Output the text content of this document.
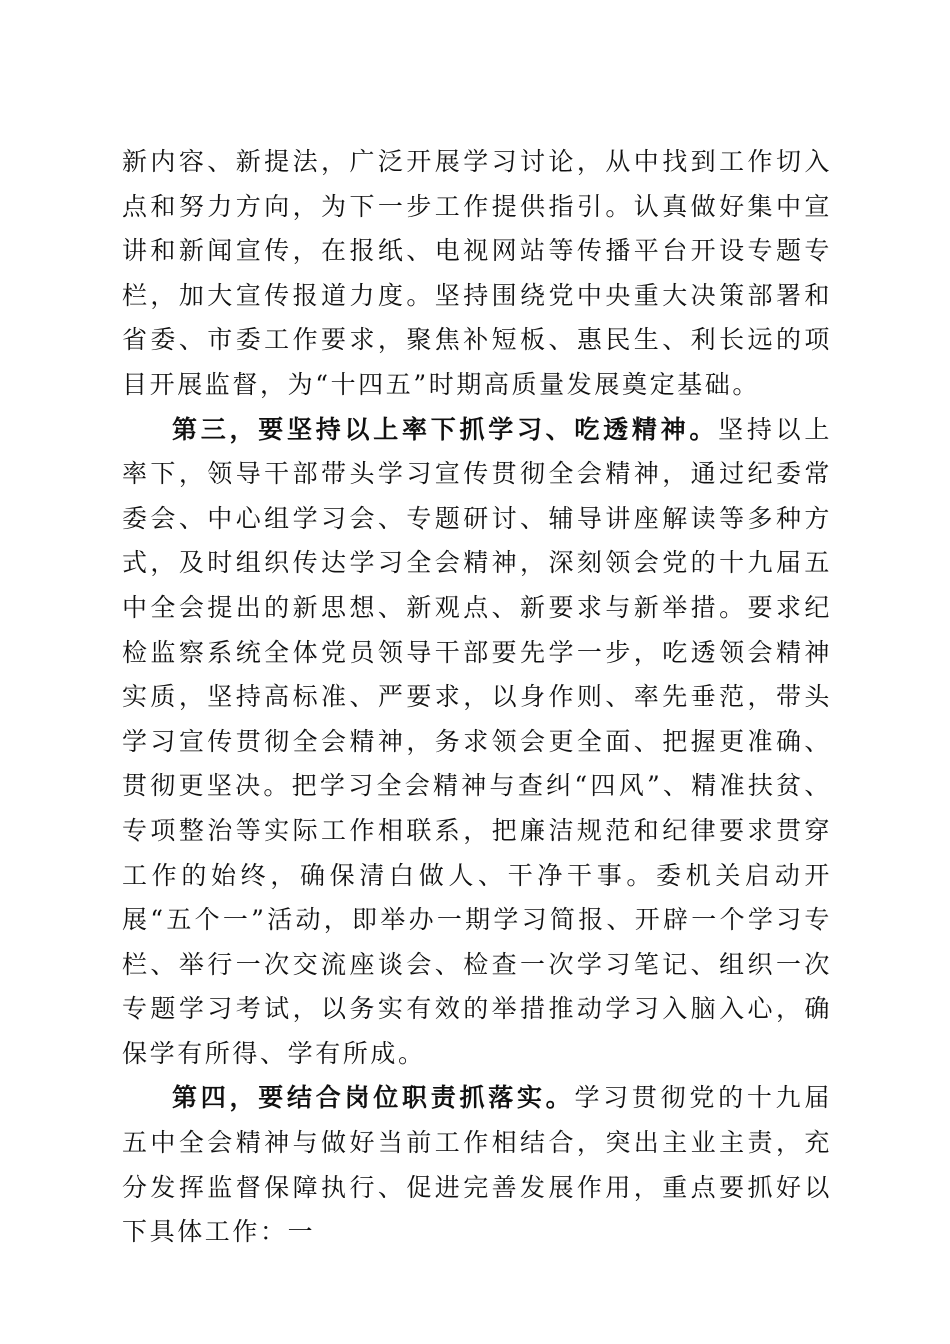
新内容、新提法，广泛开展学习讨论，从中找到工作切入点和努力方向，为下一步工作提供指引。认真做好集中宣讲和新闻宣传，在报纸、电视网站等传播平台开设专题专栏，加大宣传报道力度。坚持围绕党中央重大决策部署和省委、市委工作要求，聚焦补短板、惠民生、利长远的项目开展监督，为“十四五”时期高质量发展奠定基础。

第三，要坚持以上率下抓学习、吃透精神。坚持以上率下，领导干部带头学习宣传贯彻全会精神，通过纪委常委会、中心组学习会、专题研讨、辅导讲座解读等多种方式，及时组织传达学习全会精神，深刻领会党的十九届五中全会提出的新思想、新观点、新要求与新举措。要求纪检监察系统全体党员领导干部要先学一步，吃透领会精神实质，坚持高标准、严要求，以身作则、率先垂范，带头学习宣传贯彻全会精神，务求领会更全面、把握更准确、贯彻更坚决。把学习全会精神与查纠“四风”、精准扶贫、专项整治等实际工作相联系，把廉洁规范和纪律要求贯穿工作的始终，确保清白做人、干净干事。委机关启动开展“五个一”活动，即举办一期学习简报、开辟一个学习专栏、举行一次交流座谈会、检查一次学习笔记、组织一次专题学习考试，以务实有效的举措推动学习入脑入心，确保学有所得、学有所成。

第四，要结合岗位职责抓落实。学习贯彻党的十九届五中全会精神与做好当前工作相结合，突出主业主责，充分发挥监督保障执行、促进完善发展作用，重点要抓好以下具体工作：一
